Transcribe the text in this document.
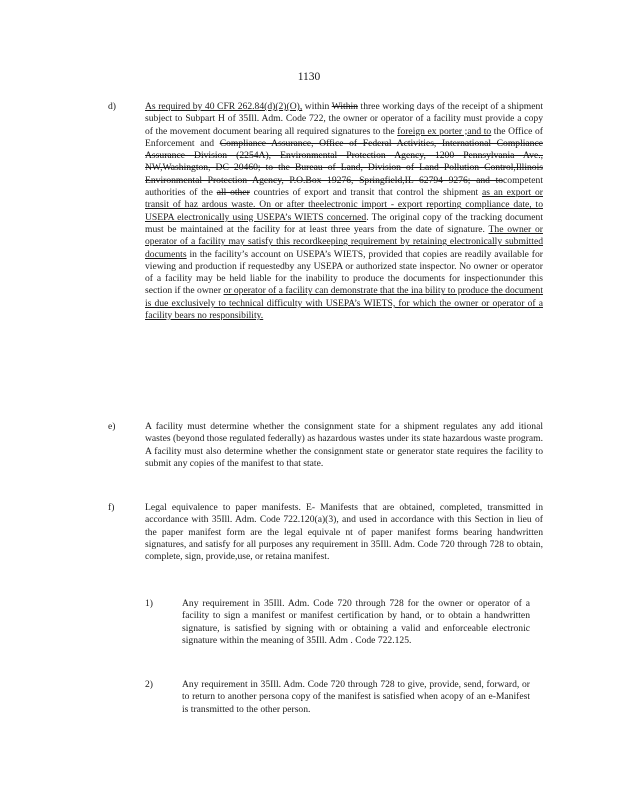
1130
d)	As required by 40 CFR 262.84(d)(2)(O), within Within three working days of the receipt of a shipment subject to Subpart H of 35Ill. Adm. Code 722, the owner or operator of a facility must provide a copy of the movement document bearing all required signatures to the foreign ex porter ;and to the Office of Enforcement and Compliance Assurance, Office of Federal Activities, International Compliance Assurance Division (2254A), Environmental Protection Agency, 1200 Pennsylvania Ave., NW,Washington, DC 20460; to the Bureau of Land, Division of Land Pollution Control,Illinois Environmental Protection Agency, P.O.Box 19276, Springfield,IL 62794 9276; and tocompetent authorities of the all other countries of export and transit that control the shipment as an export or transit of haz ardous waste. On or after theelectronic import - export reporting compliance date, to USEPA electronically using USEPA’s WIETS concerned. The original copy of the tracking document must be maintained at the facility for at least three years from the date of signature. The owner or operator of a facility may satisfy this recordkeeping requirement by retaining electronically submitted documents in the facility’s account on USEPA’s WIETS, provided that copies are readily available for viewing and production if requestedby any USEPA or authorized state inspector. No owner or operator of a facility may be held liable for the inability to produce the documents for inspectionunder this section if the owner or operator of a facility can demonstrate that the ina bility to produce the document is due exclusively to technical difficulty with USEPA’s WIETS, for which the owner or operator of a facility bears no responsibility.
e)	A facility must determine whether the consignment state for a shipment regulates any add itional wastes (beyond those regulated federally) as hazardous wastes under its state hazardous waste program. A facility must also determine whether the consignment state or generator state requires the facility to submit any copies of the manifest to that state.
f)	Legal equivalence to paper manifests. E- Manifests that are obtained, completed, transmitted in accordance with 35Ill. Adm. Code 722.120(a)(3), and used in accordance with this Section in lieu of the paper manifest form are the legal equivale nt of paper manifest forms bearing handwritten signatures, and satisfy for all purposes any requirement in 35Ill. Adm. Code 720 through 728 to obtain, complete, sign, provide,use, or retaina manifest.
1)	Any requirement in 35Ill. Adm. Code 720 through 728 for the owner or operator of a facility to sign a manifest or manifest certification by hand, or to obtain a handwritten signature, is satisfied by signing with or obtaining a valid and enforceable electronic signature within the meaning of 35Ill. Adm . Code 722.125.
2)	Any requirement in 35Ill. Adm. Code 720 through 728 to give, provide, send, forward, or to return to another persona copy of the manifest is satisfied when acopy of an e-Manifest is transmitted to the other person.
